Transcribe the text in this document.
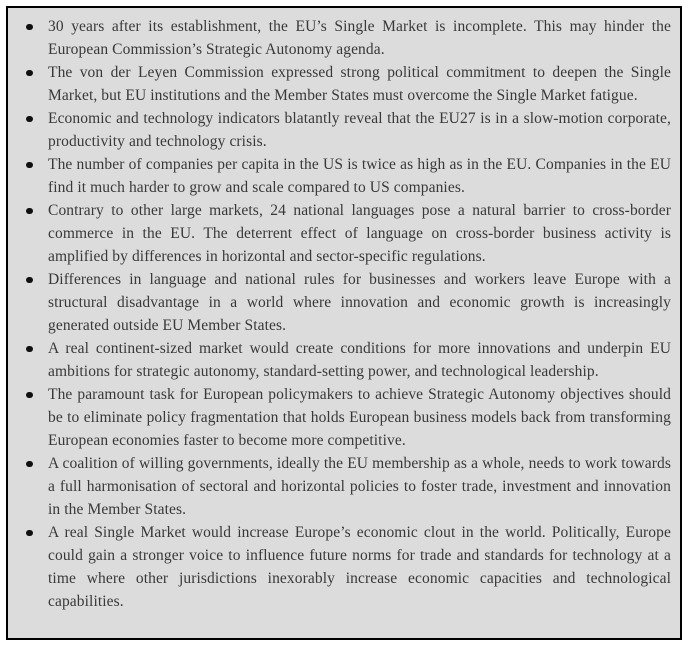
30 years after its establishment, the EU’s Single Market is incomplete. This may hinder the European Commission’s Strategic Autonomy agenda.
The von der Leyen Commission expressed strong political commitment to deepen the Single Market, but EU institutions and the Member States must overcome the Single Market fatigue.
Economic and technology indicators blatantly reveal that the EU27 is in a slow-motion corporate, productivity and technology crisis.
The number of companies per capita in the US is twice as high as in the EU. Companies in the EU find it much harder to grow and scale compared to US companies.
Contrary to other large markets, 24 national languages pose a natural barrier to cross-border commerce in the EU. The deterrent effect of language on cross-border business activity is amplified by differences in horizontal and sector-specific regulations.
Differences in language and national rules for businesses and workers leave Europe with a structural disadvantage in a world where innovation and economic growth is increasingly generated outside EU Member States.
A real continent-sized market would create conditions for more innovations and underpin EU ambitions for strategic autonomy, standard-setting power, and technological leadership.
The paramount task for European policymakers to achieve Strategic Autonomy objectives should be to eliminate policy fragmentation that holds European business models back from transforming European economies faster to become more competitive.
A coalition of willing governments, ideally the EU membership as a whole, needs to work towards a full harmonisation of sectoral and horizontal policies to foster trade, investment and innovation in the Member States.
A real Single Market would increase Europe’s economic clout in the world. Politically, Europe could gain a stronger voice to influence future norms for trade and standards for technology at a time where other jurisdictions inexorably increase economic capacities and technological capabilities.
